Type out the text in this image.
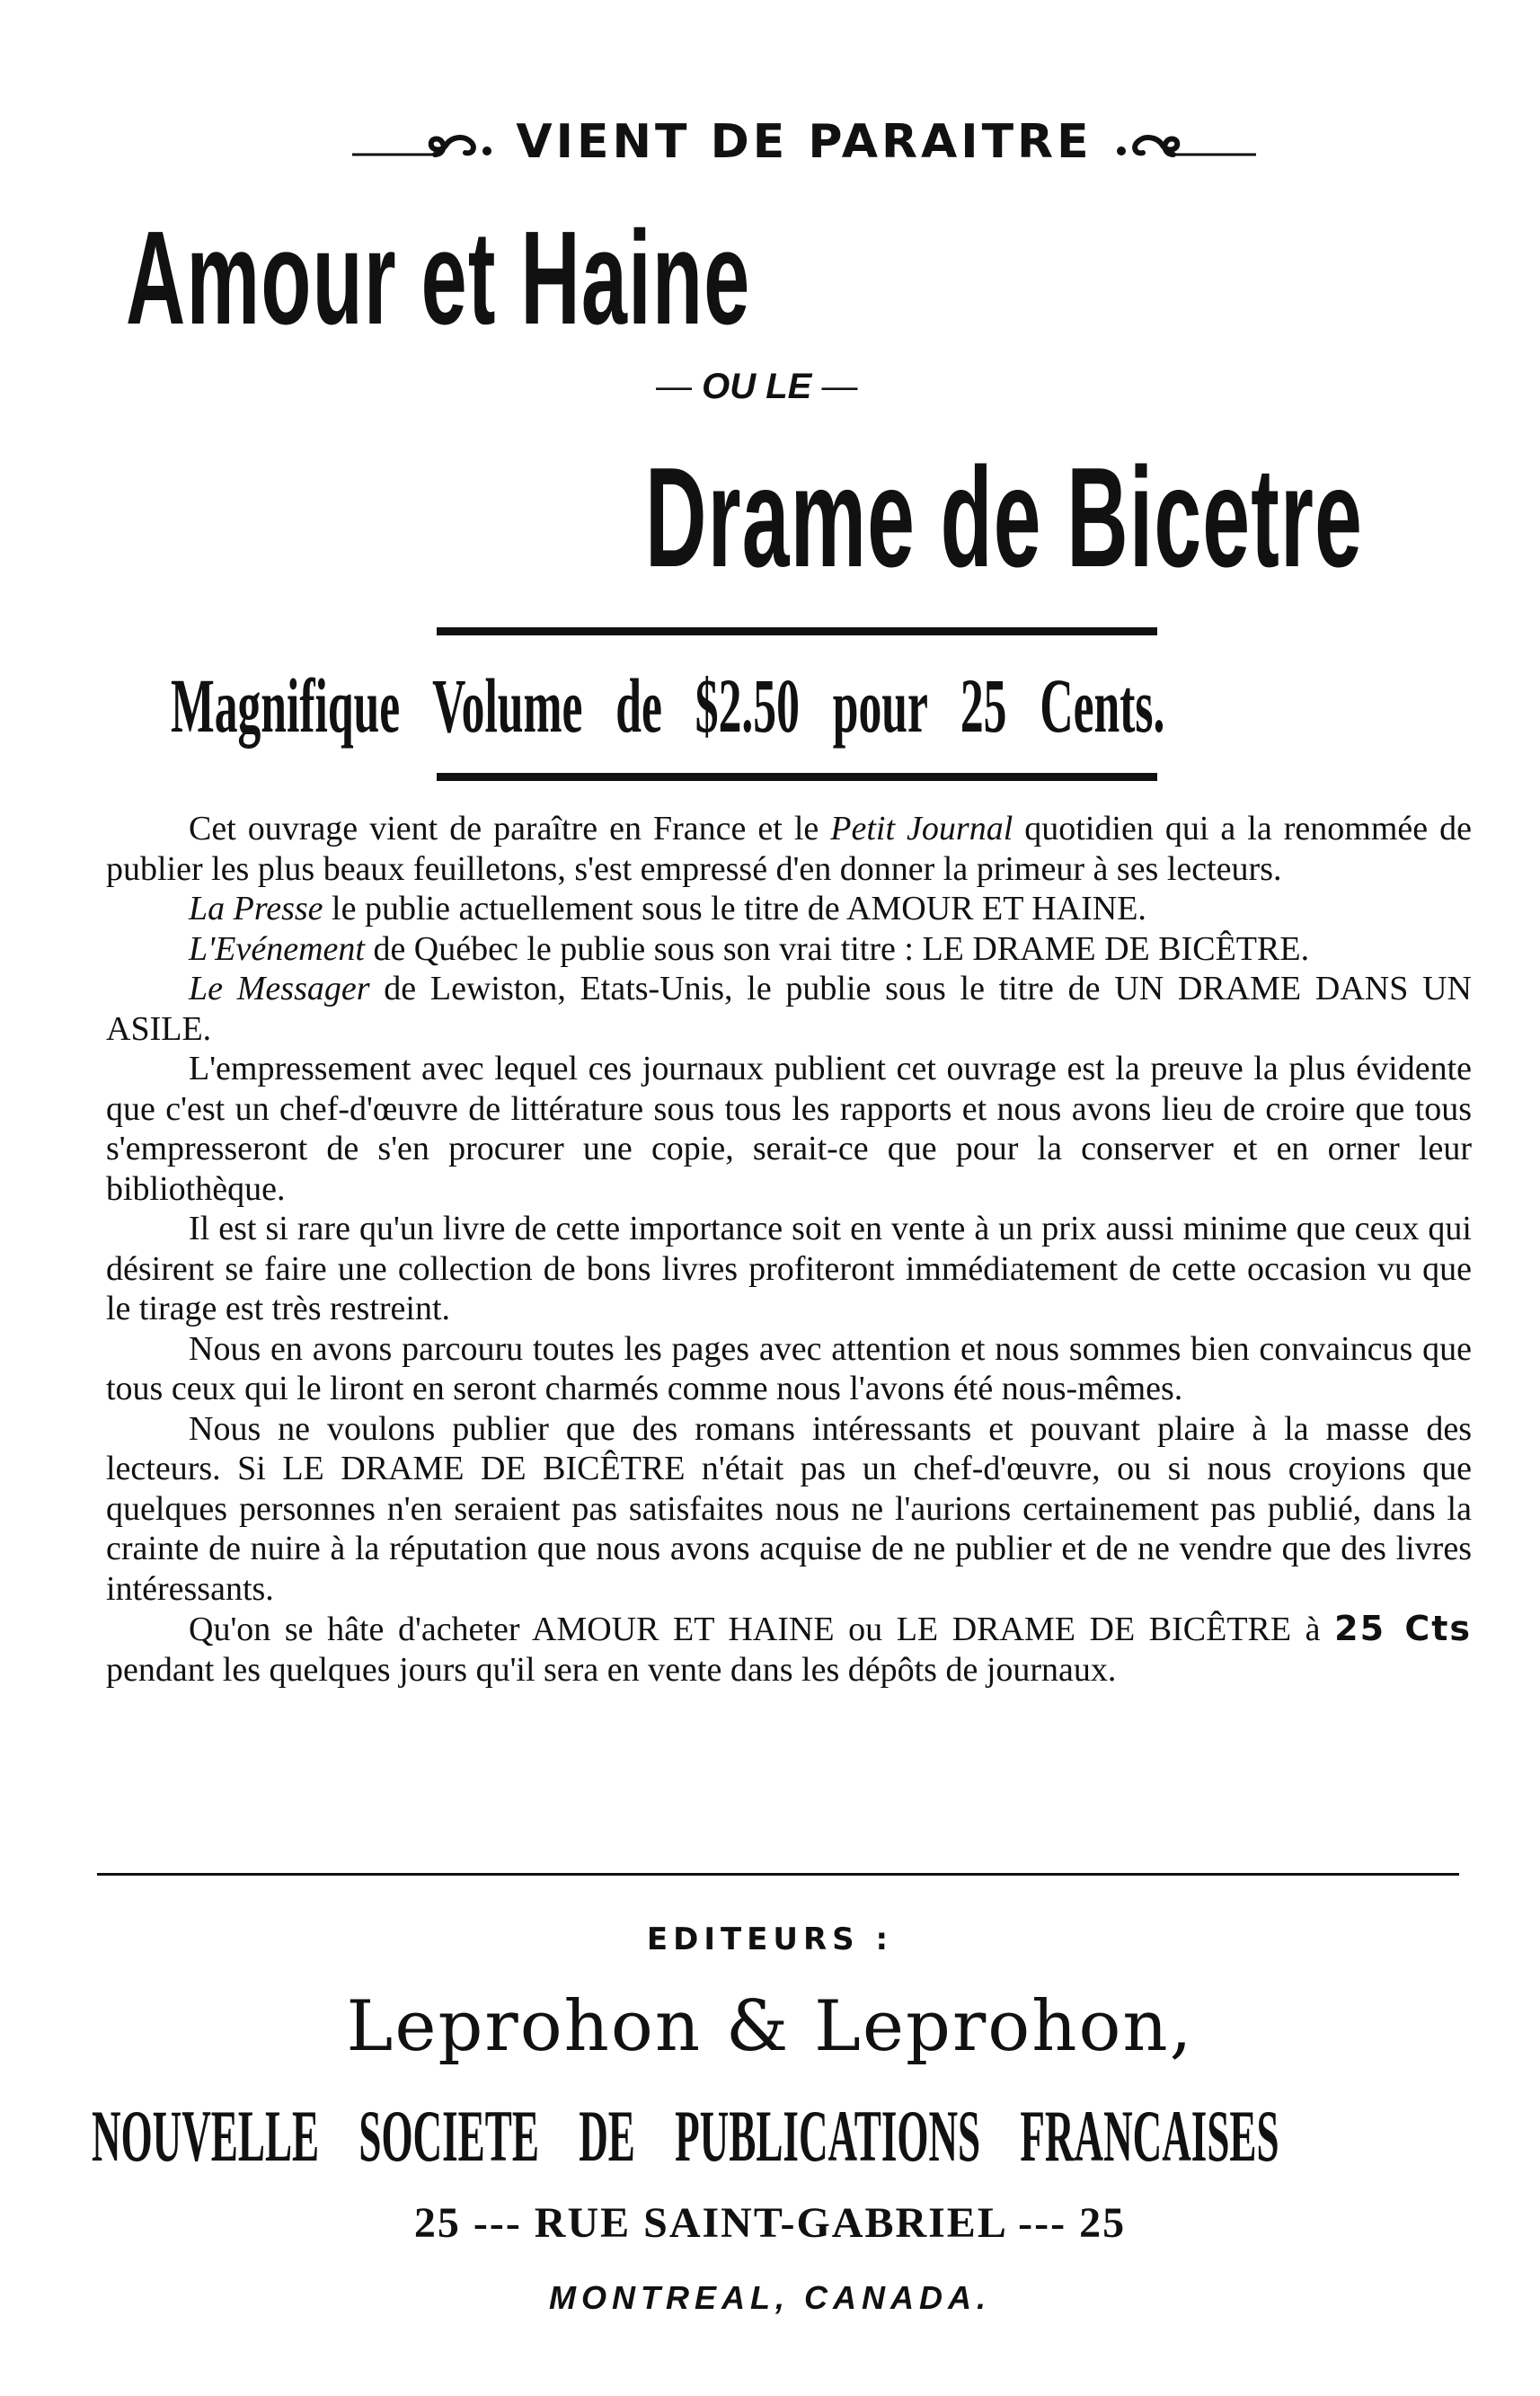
VIENT DE PARAITRE
Amour et Haine
— OU LE —
Drame de Bicetre
Magnifique Volume de $2.50 pour 25 Cents.

Cet ouvrage vient de paraître en France et le Petit Journal quotidien qui a la renommée de publier les plus beaux feuilletons, s'est empressé d'en donner la primeur à ses lecteurs.

La Presse le publie actuellement sous le titre de AMOUR ET HAINE.

L'Evénement de Québec le publie sous son vrai titre : LE DRAME DE BICÊTRE.

Le Messager de Lewiston, Etats-Unis, le publie sous le titre de UN DRAME DANS UN ASILE.

L'empressement avec lequel ces journaux publient cet ouvrage est la preuve la plus évidente que c'est un chef-d'œuvre de littérature sous tous les rapports et nous avons lieu de croire que tous s'empresseront de s'en procurer une copie, serait-ce que pour la conserver et en orner leur bibliothèque.

Il est si rare qu'un livre de cette importance soit en vente à un prix aussi minime que ceux qui désirent se faire une collection de bons livres profiteront immédiatement de cette occasion vu que le tirage est très restreint.

Nous en avons parcouru toutes les pages avec attention et nous sommes bien convaincus que tous ceux qui le liront en seront charmés comme nous l'avons été nous-mêmes.

Nous ne voulons publier que des romans intéressants et pouvant plaire à la masse des lecteurs. Si LE DRAME DE BICÊTRE n'était pas un chef-d'œuvre, ou si nous croyions que quelques personnes n'en seraient pas satisfaites nous ne l'aurions certainement pas publié, dans la crainte de nuire à la réputation que nous avons acquise de ne publier et de ne vendre que des livres intéressants.

Qu'on se hâte d'acheter AMOUR ET HAINE ou LE DRAME DE BICÊTRE à 25 Cts pendant les quelques jours qu'il sera en vente dans les dépôts de journaux.

EDITEURS :
Leprohon & Leprohon,
NOUVELLE SOCIETE DE PUBLICATIONS FRANCAISES
25 --- RUE SAINT-GABRIEL --- 25
MONTREAL, CANADA.
